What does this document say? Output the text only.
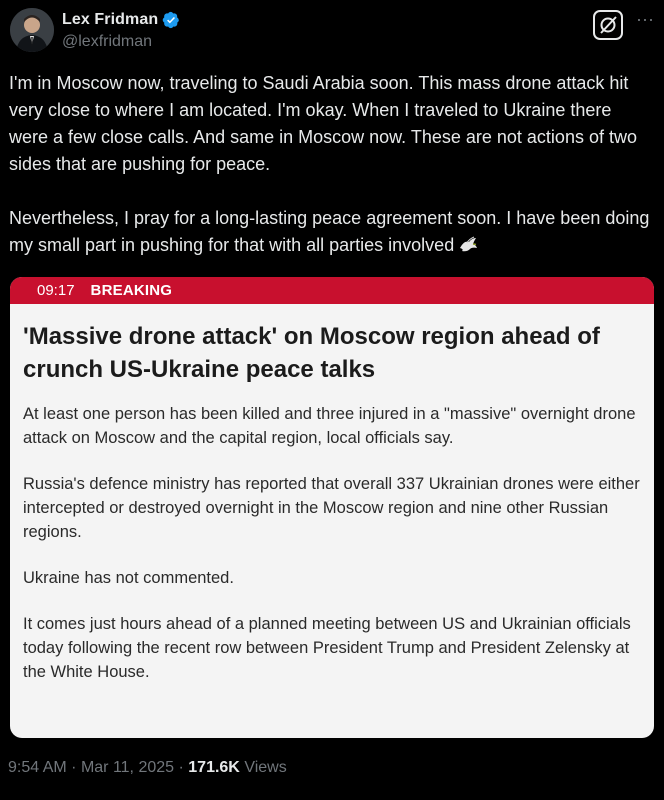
Lex Fridman
@lexfridman
···
I'm in Moscow now, traveling to Saudi Arabia soon. This mass drone attack hit very close to where I am located. I'm okay. When I traveled to Ukraine there were a few close calls. And same in Moscow now. These are not actions of two sides that are pushing for peace.

Nevertheless, I pray for a long-lasting peace agreement soon. I have been doing my small part in pushing for that with all parties involved
09:17 BREAKING
'Massive drone attack' on Moscow region ahead of crunch US-Ukraine peace talks

At least one person has been killed and three injured in a "massive" overnight drone attack on Moscow and the capital region, local officials say.

Russia's defence ministry has reported that overall 337 Ukrainian drones were either intercepted or destroyed overnight in the Moscow region and nine other Russian regions.

Ukraine has not commented.

It comes just hours ahead of a planned meeting between US and Ukrainian officials today following the recent row between President Trump and President Zelensky at the White House.

9:54 AM · Mar 11, 2025 · 171.6K Views
